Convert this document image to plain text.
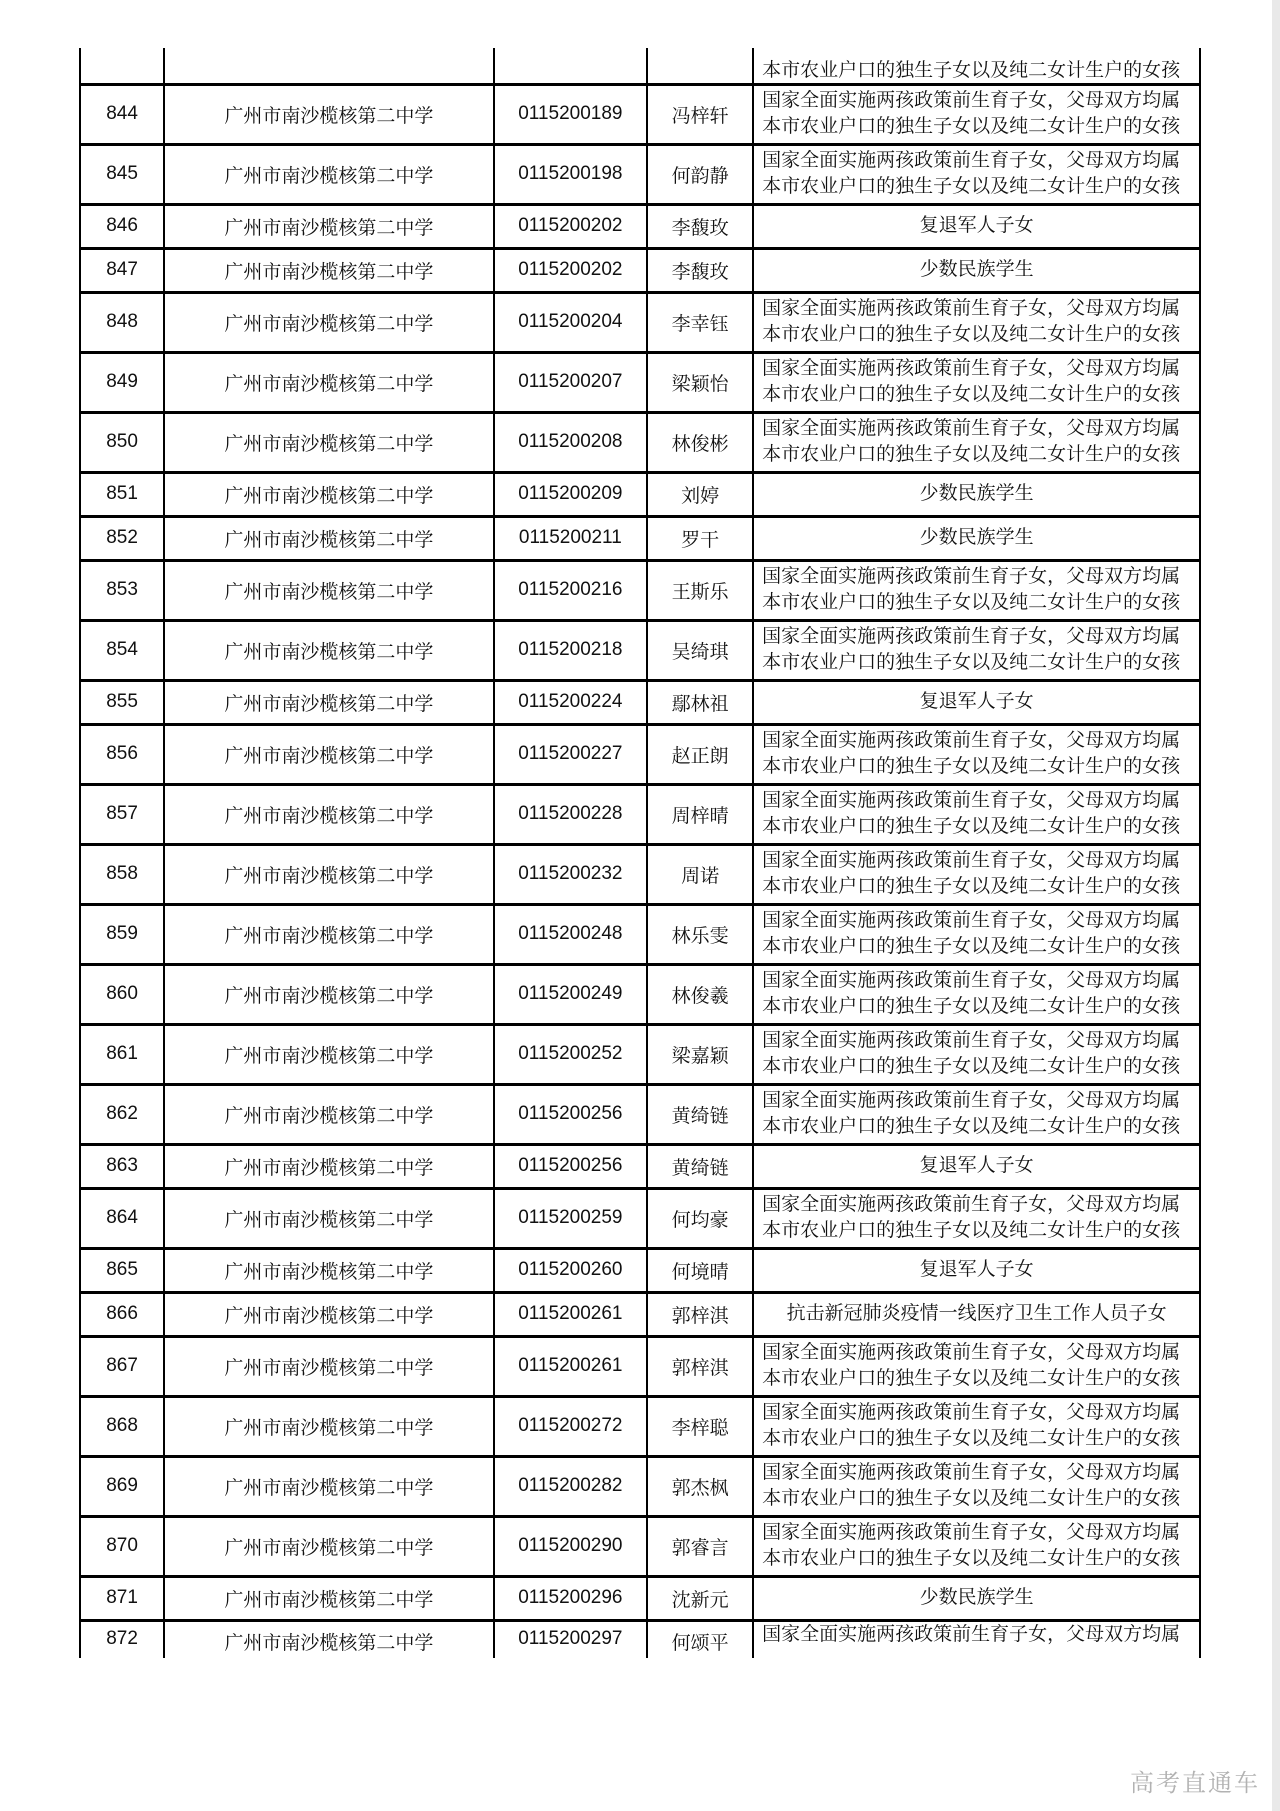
				本市农业户口的独生子女以及纯二女计生户的女孩

844	广州市南沙榄核第二中学	0115200189	冯梓轩	国家全面实施两孩政策前生育子女，父母双方均属
本市农业户口的独生子女以及纯二女计生户的女孩

845	广州市南沙榄核第二中学	0115200198	何韵静	国家全面实施两孩政策前生育子女，父母双方均属
本市农业户口的独生子女以及纯二女计生户的女孩

846	广州市南沙榄核第二中学	0115200202	李馥玫	复退军人子女

847	广州市南沙榄核第二中学	0115200202	李馥玫	少数民族学生

848	广州市南沙榄核第二中学	0115200204	李幸钰	国家全面实施两孩政策前生育子女，父母双方均属
本市农业户口的独生子女以及纯二女计生户的女孩

849	广州市南沙榄核第二中学	0115200207	梁颖怡	国家全面实施两孩政策前生育子女，父母双方均属
本市农业户口的独生子女以及纯二女计生户的女孩

850	广州市南沙榄核第二中学	0115200208	林俊彬	国家全面实施两孩政策前生育子女，父母双方均属
本市农业户口的独生子女以及纯二女计生户的女孩

851	广州市南沙榄核第二中学	0115200209	刘婷	少数民族学生

852	广州市南沙榄核第二中学	0115200211	罗干	少数民族学生

853	广州市南沙榄核第二中学	0115200216	王斯乐	国家全面实施两孩政策前生育子女，父母双方均属
本市农业户口的独生子女以及纯二女计生户的女孩

854	广州市南沙榄核第二中学	0115200218	吴绮琪	国家全面实施两孩政策前生育子女，父母双方均属
本市农业户口的独生子女以及纯二女计生户的女孩

855	广州市南沙榄核第二中学	0115200224	鄢林祖	复退军人子女

856	广州市南沙榄核第二中学	0115200227	赵正朗	国家全面实施两孩政策前生育子女，父母双方均属
本市农业户口的独生子女以及纯二女计生户的女孩

857	广州市南沙榄核第二中学	0115200228	周梓晴	国家全面实施两孩政策前生育子女，父母双方均属
本市农业户口的独生子女以及纯二女计生户的女孩

858	广州市南沙榄核第二中学	0115200232	周诺	国家全面实施两孩政策前生育子女，父母双方均属
本市农业户口的独生子女以及纯二女计生户的女孩

859	广州市南沙榄核第二中学	0115200248	林乐雯	国家全面实施两孩政策前生育子女，父母双方均属
本市农业户口的独生子女以及纯二女计生户的女孩

860	广州市南沙榄核第二中学	0115200249	林俊羲	国家全面实施两孩政策前生育子女，父母双方均属
本市农业户口的独生子女以及纯二女计生户的女孩

861	广州市南沙榄核第二中学	0115200252	梁嘉颖	国家全面实施两孩政策前生育子女，父母双方均属
本市农业户口的独生子女以及纯二女计生户的女孩

862	广州市南沙榄核第二中学	0115200256	黄绮链	国家全面实施两孩政策前生育子女，父母双方均属
本市农业户口的独生子女以及纯二女计生户的女孩

863	广州市南沙榄核第二中学	0115200256	黄绮链	复退军人子女

864	广州市南沙榄核第二中学	0115200259	何均豪	国家全面实施两孩政策前生育子女，父母双方均属
本市农业户口的独生子女以及纯二女计生户的女孩

865	广州市南沙榄核第二中学	0115200260	何境晴	复退军人子女

866	广州市南沙榄核第二中学	0115200261	郭梓淇	抗击新冠肺炎疫情一线医疗卫生工作人员子女

867	广州市南沙榄核第二中学	0115200261	郭梓淇	国家全面实施两孩政策前生育子女，父母双方均属
本市农业户口的独生子女以及纯二女计生户的女孩

868	广州市南沙榄核第二中学	0115200272	李梓聪	国家全面实施两孩政策前生育子女，父母双方均属
本市农业户口的独生子女以及纯二女计生户的女孩

869	广州市南沙榄核第二中学	0115200282	郭杰枫	国家全面实施两孩政策前生育子女，父母双方均属
本市农业户口的独生子女以及纯二女计生户的女孩

870	广州市南沙榄核第二中学	0115200290	郭睿言	国家全面实施两孩政策前生育子女，父母双方均属
本市农业户口的独生子女以及纯二女计生户的女孩

871	广州市南沙榄核第二中学	0115200296	沈新元	少数民族学生

872	广州市南沙榄核第二中学	0115200297	何颂平	国家全面实施两孩政策前生育子女，父母双方均属
高考直通车
